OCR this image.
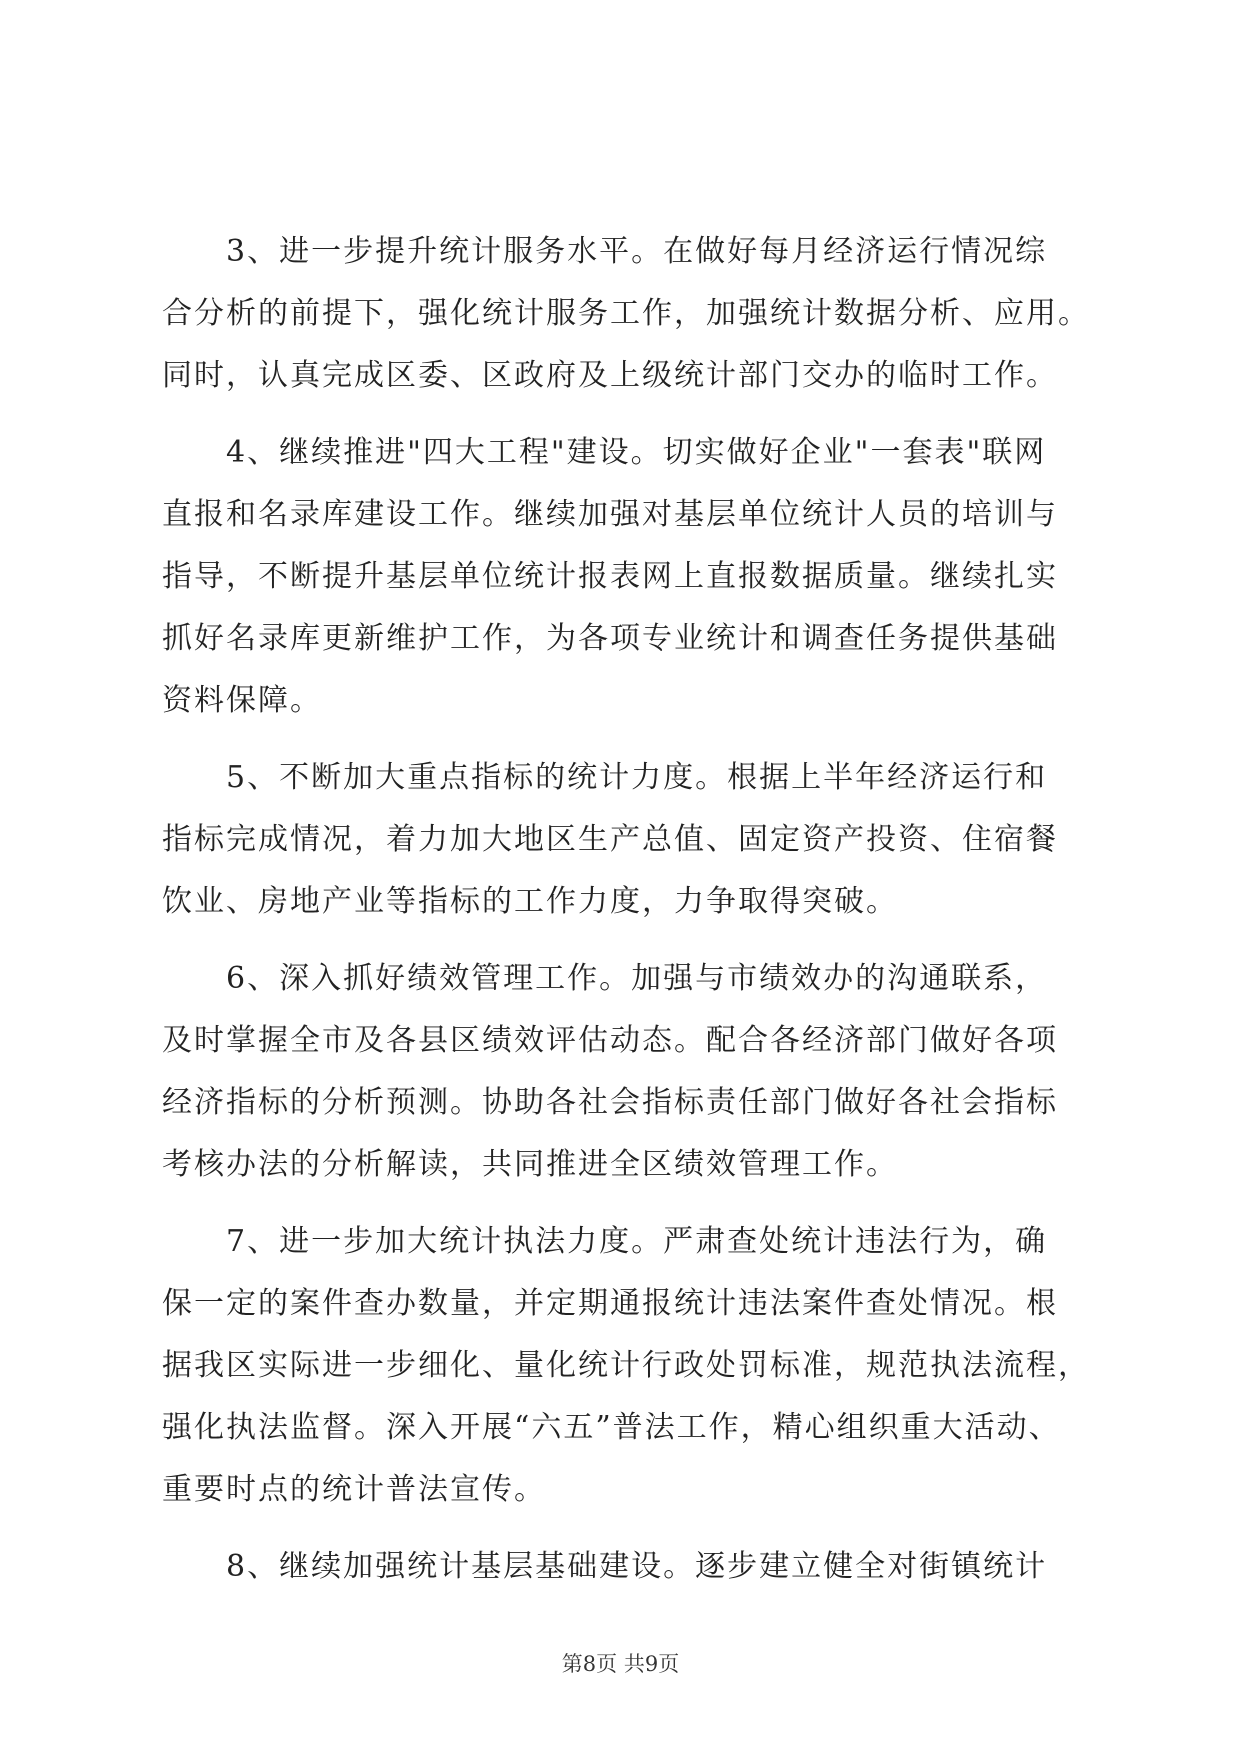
　　3、进一步提升统计服务水平。在做好每月经济运行情况综
合分析的前提下，强化统计服务工作，加强统计数据分析、应用。
同时，认真完成区委、区政府及上级统计部门交办的临时工作。
　　4、继续推进"四大工程"建设。切实做好企业"一套表"联网
直报和名录库建设工作。继续加强对基层单位统计人员的培训与
指导，不断提升基层单位统计报表网上直报数据质量。继续扎实
抓好名录库更新维护工作，为各项专业统计和调查任务提供基础
资料保障。
　　5、不断加大重点指标的统计力度。根据上半年经济运行和
指标完成情况，着力加大地区生产总值、固定资产投资、住宿餐
饮业、房地产业等指标的工作力度，力争取得突破。
　　6、深入抓好绩效管理工作。加强与市绩效办的沟通联系，
及时掌握全市及各县区绩效评估动态。配合各经济部门做好各项
经济指标的分析预测。协助各社会指标责任部门做好各社会指标
考核办法的分析解读，共同推进全区绩效管理工作。
　　7、进一步加大统计执法力度。严肃查处统计违法行为，确
保一定的案件查办数量，并定期通报统计违法案件查处情况。根
据我区实际进一步细化、量化统计行政处罚标准，规范执法流程，
强化执法监督。深入开展“六五”普法工作，精心组织重大活动、
重要时点的统计普法宣传。
　　8、继续加强统计基层基础建设。逐步建立健全对街镇统计
第8页 共9页
